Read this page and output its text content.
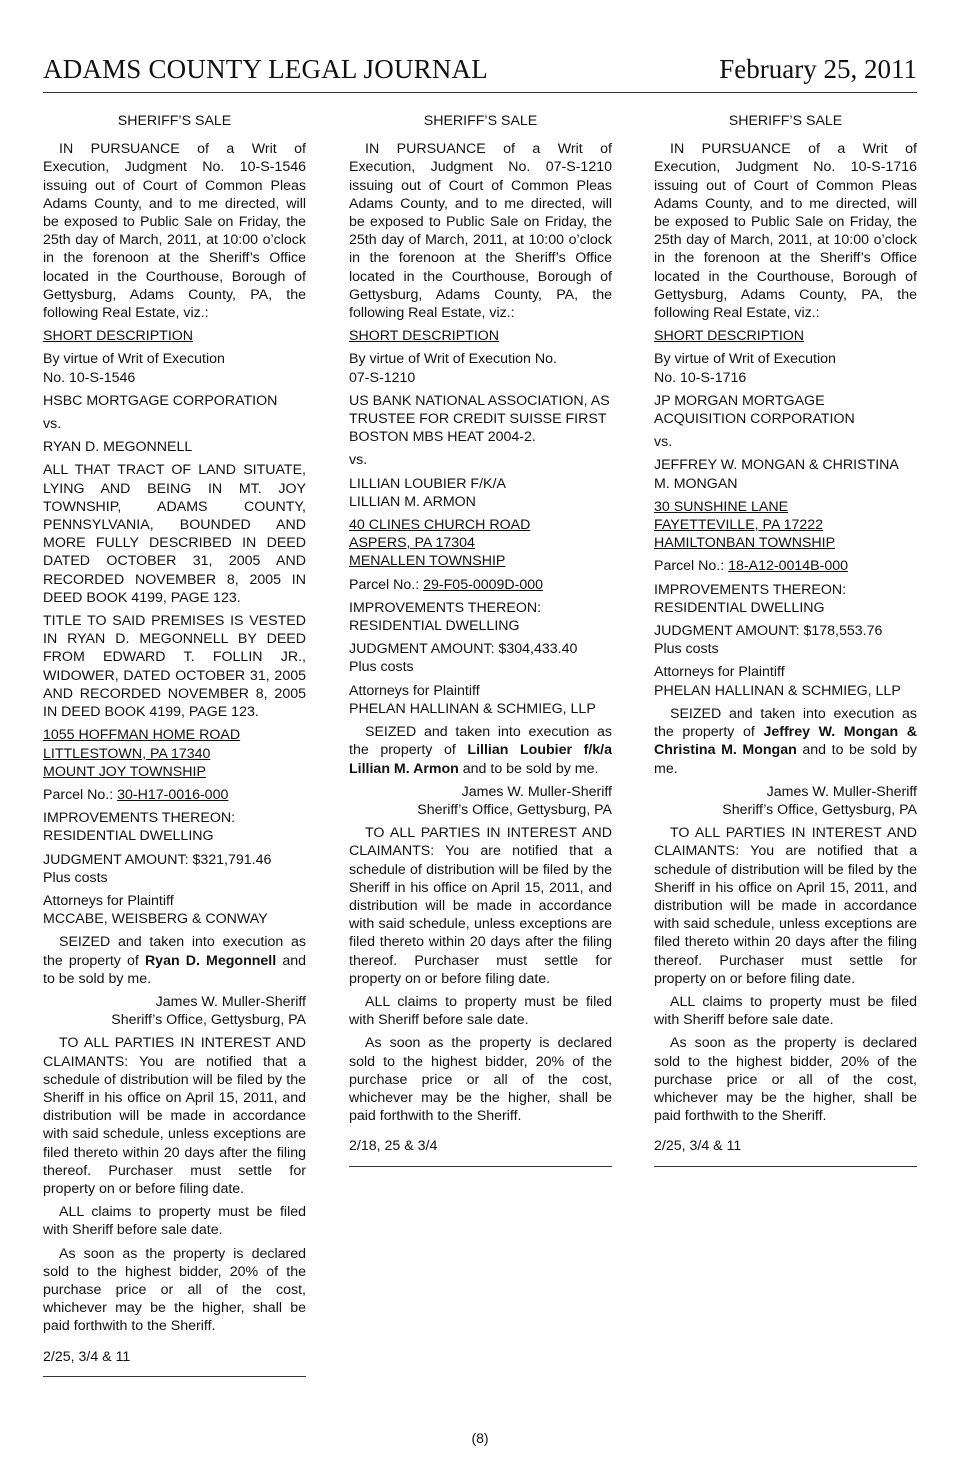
ADAMS COUNTY LEGAL JOURNAL	February 25, 2011

SHERIFF’S SALE

IN PURSUANCE of a Writ of Execution, Judgment No. 10-S-1546 issuing out of Court of Common Pleas Adams County, and to me directed, will be exposed to Public Sale on Friday, the 25th day of March, 2011, at 10:00 o’clock in the forenoon at the Sheriff’s Office located in the Courthouse, Borough of Gettysburg, Adams County, PA, the following Real Estate, viz.:

SHORT DESCRIPTION

By virtue of Writ of Execution
No. 10-S-1546

HSBC MORTGAGE CORPORATION

vs.

RYAN D. MEGONNELL

ALL THAT TRACT OF LAND SITUATE, LYING AND BEING IN MT. JOY TOWNSHIP, ADAMS COUNTY, PENNSYLVANIA, BOUNDED AND MORE FULLY DESCRIBED IN DEED DATED OCTOBER 31, 2005 AND RECORDED NOVEMBER 8, 2005 IN DEED BOOK 4199, PAGE 123.

TITLE TO SAID PREMISES IS VESTED IN RYAN D. MEGONNELL BY DEED FROM EDWARD T. FOLLIN JR., WIDOWER, DATED OCTOBER 31, 2005 AND RECORDED NOVEMBER 8, 2005 IN DEED BOOK 4199, PAGE 123.

1055 HOFFMAN HOME ROAD
LITTLESTOWN, PA 17340
MOUNT JOY TOWNSHIP

Parcel No.: 30-H17-0016-000

IMPROVEMENTS THEREON:
RESIDENTIAL DWELLING

JUDGMENT AMOUNT: $321,791.46
Plus costs

Attorneys for Plaintiff
MCCABE, WEISBERG & CONWAY

SEIZED and taken into execution as the property of Ryan D. Megonnell and to be sold by me.

James W. Muller-Sheriff
Sheriff’s Office, Gettysburg, PA

TO ALL PARTIES IN INTEREST AND CLAIMANTS: You are notified that a schedule of distribution will be filed by the Sheriff in his office on April 15, 2011, and distribution will be made in accordance with said schedule, unless exceptions are filed thereto within 20 days after the filing thereof. Purchaser must settle for property on or before filing date.

ALL claims to property must be filed with Sheriff before sale date.

As soon as the property is declared sold to the highest bidder, 20% of the purchase price or all of the cost, whichever may be the higher, shall be paid forthwith to the Sheriff.

2/25, 3/4 & 11

SHERIFF’S SALE

IN PURSUANCE of a Writ of Execution, Judgment No. 07-S-1210 issuing out of Court of Common Pleas Adams County, and to me directed, will be exposed to Public Sale on Friday, the 25th day of March, 2011, at 10:00 o’clock in the forenoon at the Sheriff’s Office located in the Courthouse, Borough of Gettysburg, Adams County, PA, the following Real Estate, viz.:

SHORT DESCRIPTION

By virtue of Writ of Execution No.
07-S-1210

US BANK NATIONAL ASSOCIATION, AS TRUSTEE FOR CREDIT SUISSE FIRST BOSTON MBS HEAT 2004-2.

vs.

LILLIAN LOUBIER F/K/A
LILLIAN M. ARMON

40 CLINES CHURCH ROAD
ASPERS, PA 17304
MENALLEN TOWNSHIP

Parcel No.: 29-F05-0009D-000

IMPROVEMENTS THEREON:
RESIDENTIAL DWELLING

JUDGMENT AMOUNT: $304,433.40
Plus costs

Attorneys for Plaintiff
PHELAN HALLINAN & SCHMIEG, LLP

SEIZED and taken into execution as the property of Lillian Loubier f/k/a Lillian M. Armon and to be sold by me.

James W. Muller-Sheriff
Sheriff’s Office, Gettysburg, PA

TO ALL PARTIES IN INTEREST AND CLAIMANTS: You are notified that a schedule of distribution will be filed by the Sheriff in his office on April 15, 2011, and distribution will be made in accordance with said schedule, unless exceptions are filed thereto within 20 days after the filing thereof. Purchaser must settle for property on or before filing date.

ALL claims to property must be filed with Sheriff before sale date.

As soon as the property is declared sold to the highest bidder, 20% of the purchase price or all of the cost, whichever may be the higher, shall be paid forthwith to the Sheriff.

2/18, 25 & 3/4

SHERIFF’S SALE

IN PURSUANCE of a Writ of Execution, Judgment No. 10-S-1716 issuing out of Court of Common Pleas Adams County, and to me directed, will be exposed to Public Sale on Friday, the 25th day of March, 2011, at 10:00 o’clock in the forenoon at the Sheriff’s Office located in the Courthouse, Borough of Gettysburg, Adams County, PA, the following Real Estate, viz.:

SHORT DESCRIPTION

By virtue of Writ of Execution
No. 10-S-1716

JP MORGAN MORTGAGE ACQUISITION CORPORATION

vs.

JEFFREY W. MONGAN & CHRISTINA M. MONGAN

30 SUNSHINE LANE
FAYETTEVILLE, PA 17222
HAMILTONBAN TOWNSHIP

Parcel No.: 18-A12-0014B-000

IMPROVEMENTS THEREON:
RESIDENTIAL DWELLING

JUDGMENT AMOUNT: $178,553.76
Plus costs

Attorneys for Plaintiff
PHELAN HALLINAN & SCHMIEG, LLP

SEIZED and taken into execution as the property of Jeffrey W. Mongan & Christina M. Mongan and to be sold by me.

James W. Muller-Sheriff
Sheriff’s Office, Gettysburg, PA

TO ALL PARTIES IN INTEREST AND CLAIMANTS: You are notified that a schedule of distribution will be filed by the Sheriff in his office on April 15, 2011, and distribution will be made in accordance with said schedule, unless exceptions are filed thereto within 20 days after the filing thereof. Purchaser must settle for property on or before filing date.

ALL claims to property must be filed with Sheriff before sale date.

As soon as the property is declared sold to the highest bidder, 20% of the purchase price or all of the cost, whichever may be the higher, shall be paid forthwith to the Sheriff.

2/25, 3/4 & 11

(8)
